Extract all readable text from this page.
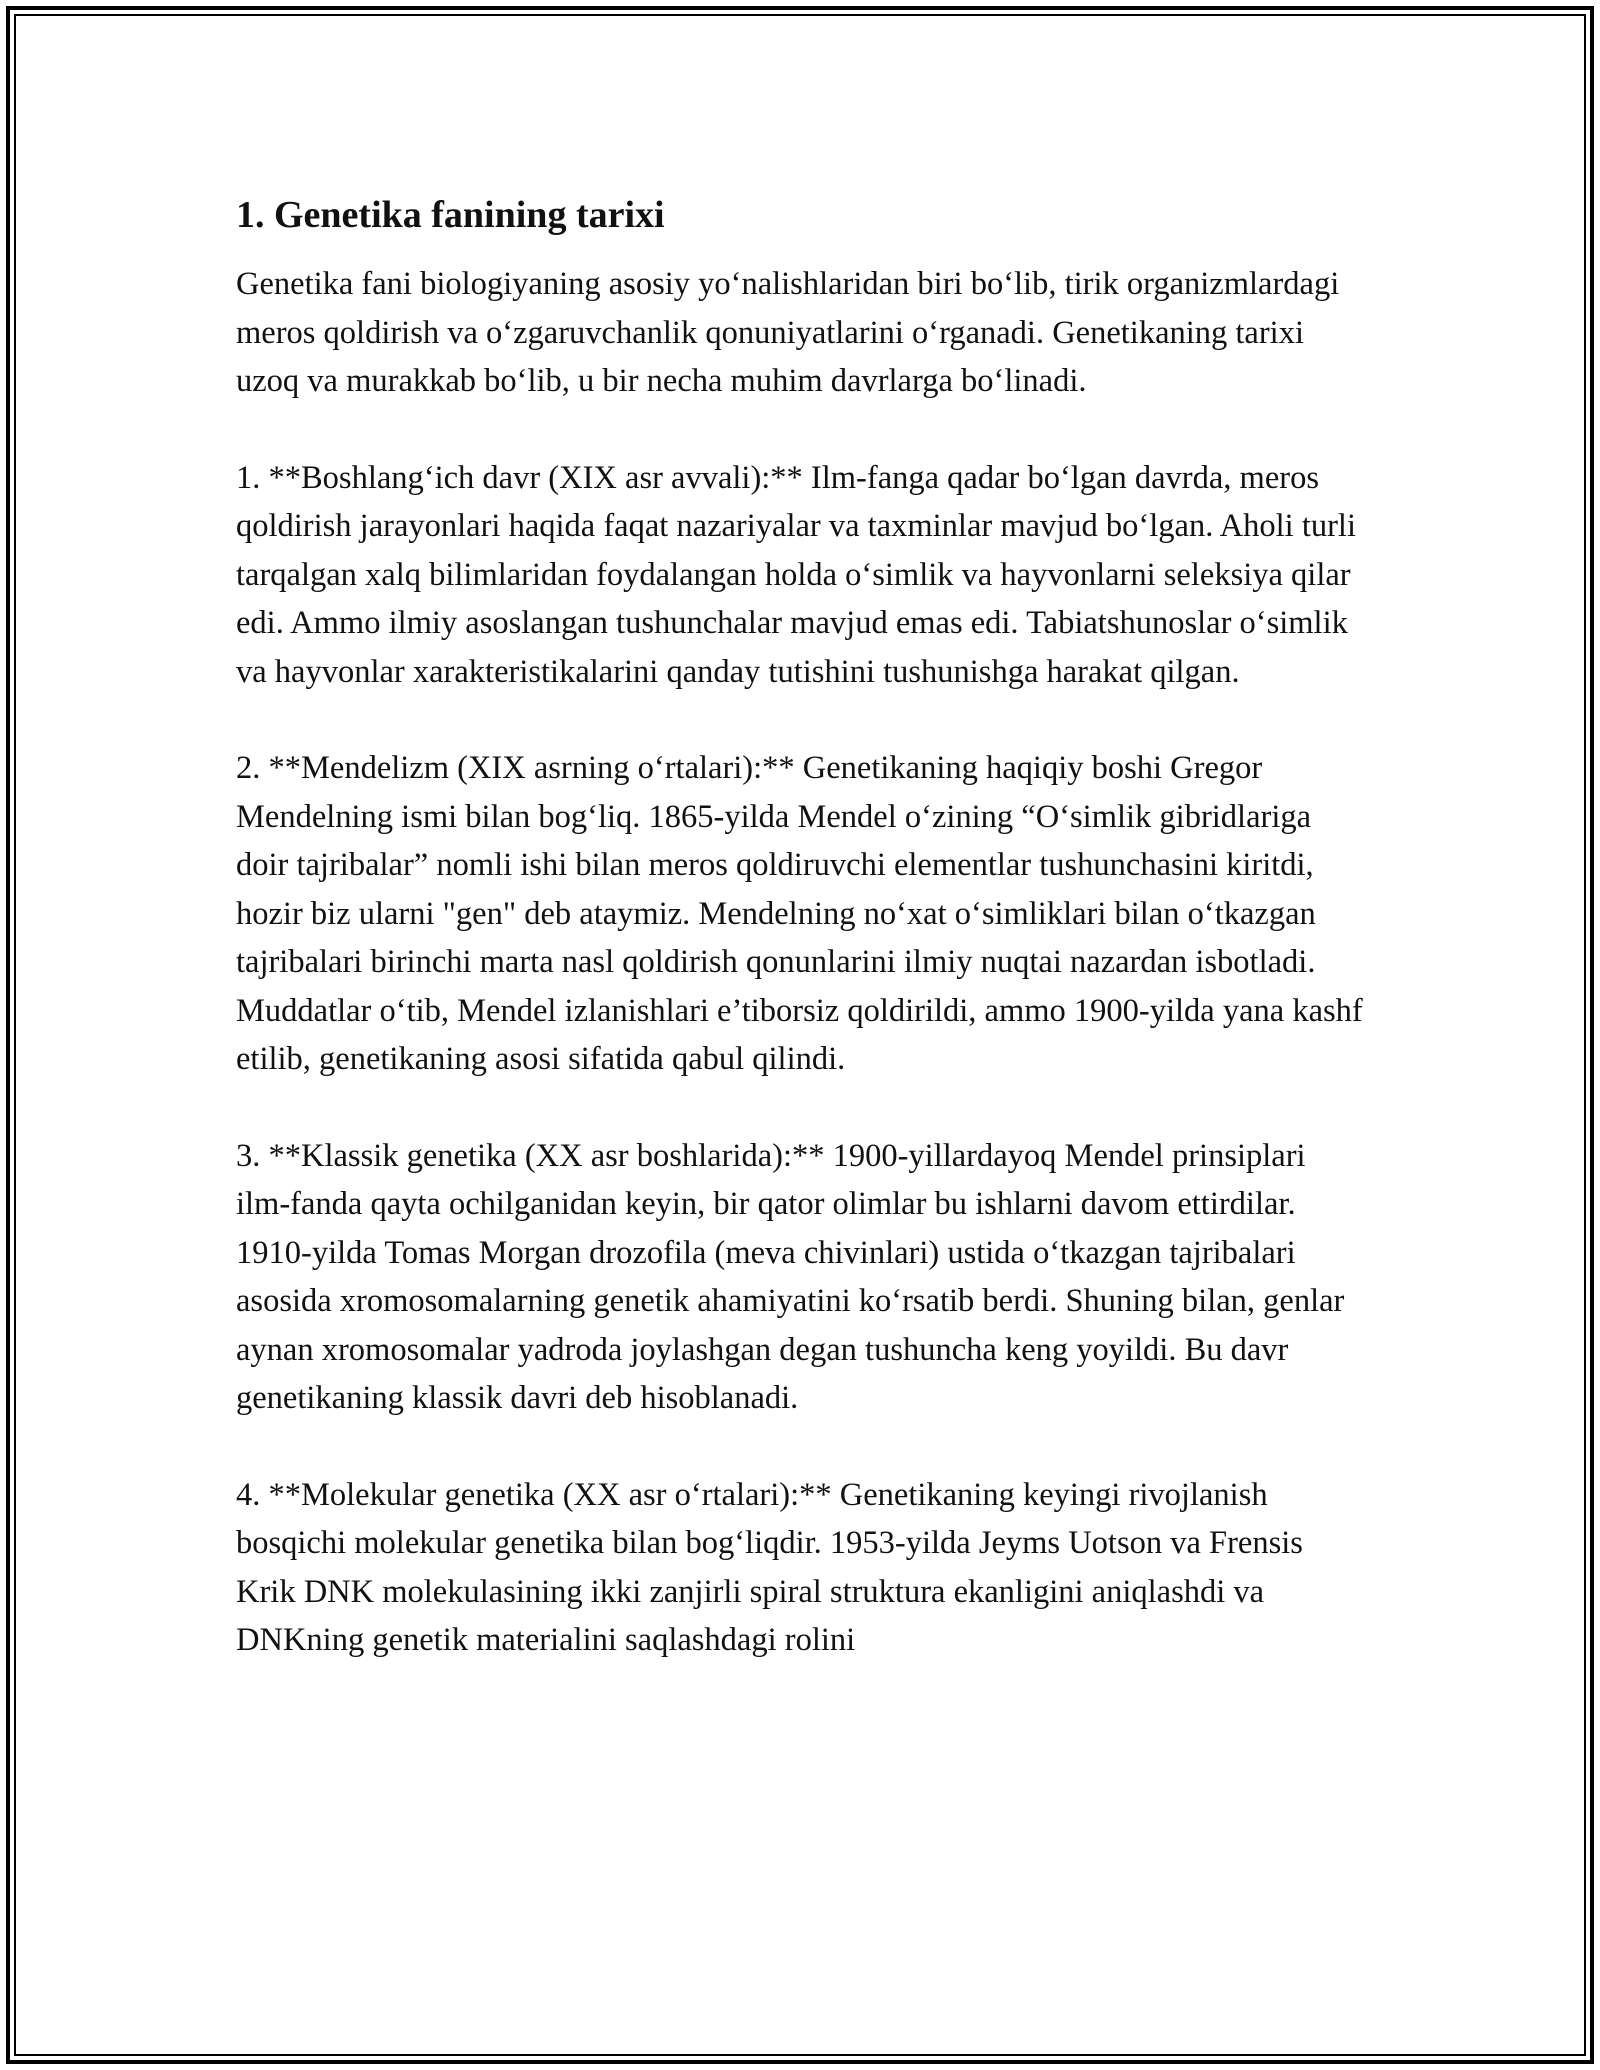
1. Genetika fanining tarixi

Genetika fani biologiyaning asosiy yo‘nalishlaridan biri bo‘lib, tirik organizmlardagi meros qoldirish va o‘zgaruvchanlik qonuniyatlarini o‘rganadi. Genetikaning tarixi uzoq va murakkab bo‘lib, u bir necha muhim davrlarga bo‘linadi.

1. **Boshlang‘ich davr (XIX asr avvali):** Ilm-fanga qadar bo‘lgan davrda, meros qoldirish jarayonlari haqida faqat nazariyalar va taxminlar mavjud bo‘lgan. Aholi turli tarqalgan xalq bilimlaridan foydalangan holda o‘simlik va hayvonlarni seleksiya qilar edi. Ammo ilmiy asoslangan tushunchalar mavjud emas edi. Tabiatshunoslar o‘simlik va hayvonlar xarakteristikalarini qanday tutishini tushunishga harakat qilgan.

2. **Mendelizm (XIX asrning o‘rtalari):** Genetikaning haqiqiy boshi Gregor Mendelning ismi bilan bog‘liq. 1865-yilda Mendel o‘zining “O‘simlik gibridlariga doir tajribalar” nomli ishi bilan meros qoldiruvchi elementlar tushunchasini kiritdi, hozir biz ularni "gen" deb ataymiz. Mendelning no‘xat o‘simliklari bilan o‘tkazgan tajribalari birinchi marta nasl qoldirish qonunlarini ilmiy nuqtai nazardan isbotladi. Muddatlar o‘tib, Mendel izlanishlari e’tiborsiz qoldirildi, ammo 1900-yilda yana kashf etilib, genetikaning asosi sifatida qabul qilindi.

3. **Klassik genetika (XX asr boshlarida):** 1900-yillardayoq Mendel prinsiplari ilm-fanda qayta ochilganidan keyin, bir qator olimlar bu ishlarni davom ettirdilar. 1910-yilda Tomas Morgan drozofila (meva chivinlari) ustida o‘tkazgan tajribalari asosida xromosomalarning genetik ahamiyatini ko‘rsatib berdi. Shuning bilan, genlar aynan xromosomalar yadroda joylashgan degan tushuncha keng yoyildi. Bu davr genetikaning klassik davri deb hisoblanadi.

4. **Molekular genetika (XX asr o‘rtalari):** Genetikaning keyingi rivojlanish bosqichi molekular genetika bilan bog‘liqdir. 1953-yilda Jeyms Uotson va Frensis Krik DNK molekulasining ikki zanjirli spiral struktura ekanligini aniqlashdi va DNKning genetik materialini saqlashdagi rolini
